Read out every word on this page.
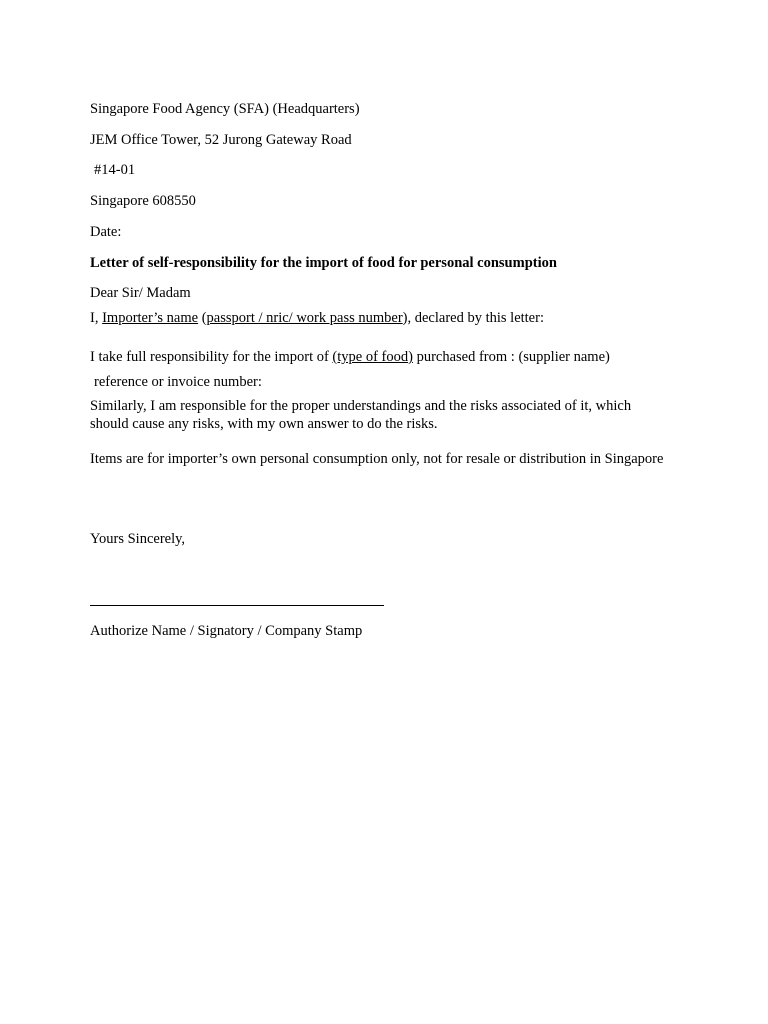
Singapore Food Agency (SFA) (Headquarters)
JEM Office Tower, 52 Jurong Gateway Road
#14-01
Singapore 608550
Date:
Letter of self-responsibility for the import of food for personal consumption
Dear Sir/ Madam
I, Importer’s name (passport / nric/ work pass number), declared by this letter:
I take full responsibility for the import of (type of food) purchased from : (supplier name)
reference or invoice number:
Similarly, I am responsible for the proper understandings and the risks associated of it, which should cause any risks, with my own answer to do the risks.
Items are for importer’s own personal consumption only, not for resale or distribution in Singapore
Yours Sincerely,
Authorize Name / Signatory / Company Stamp
